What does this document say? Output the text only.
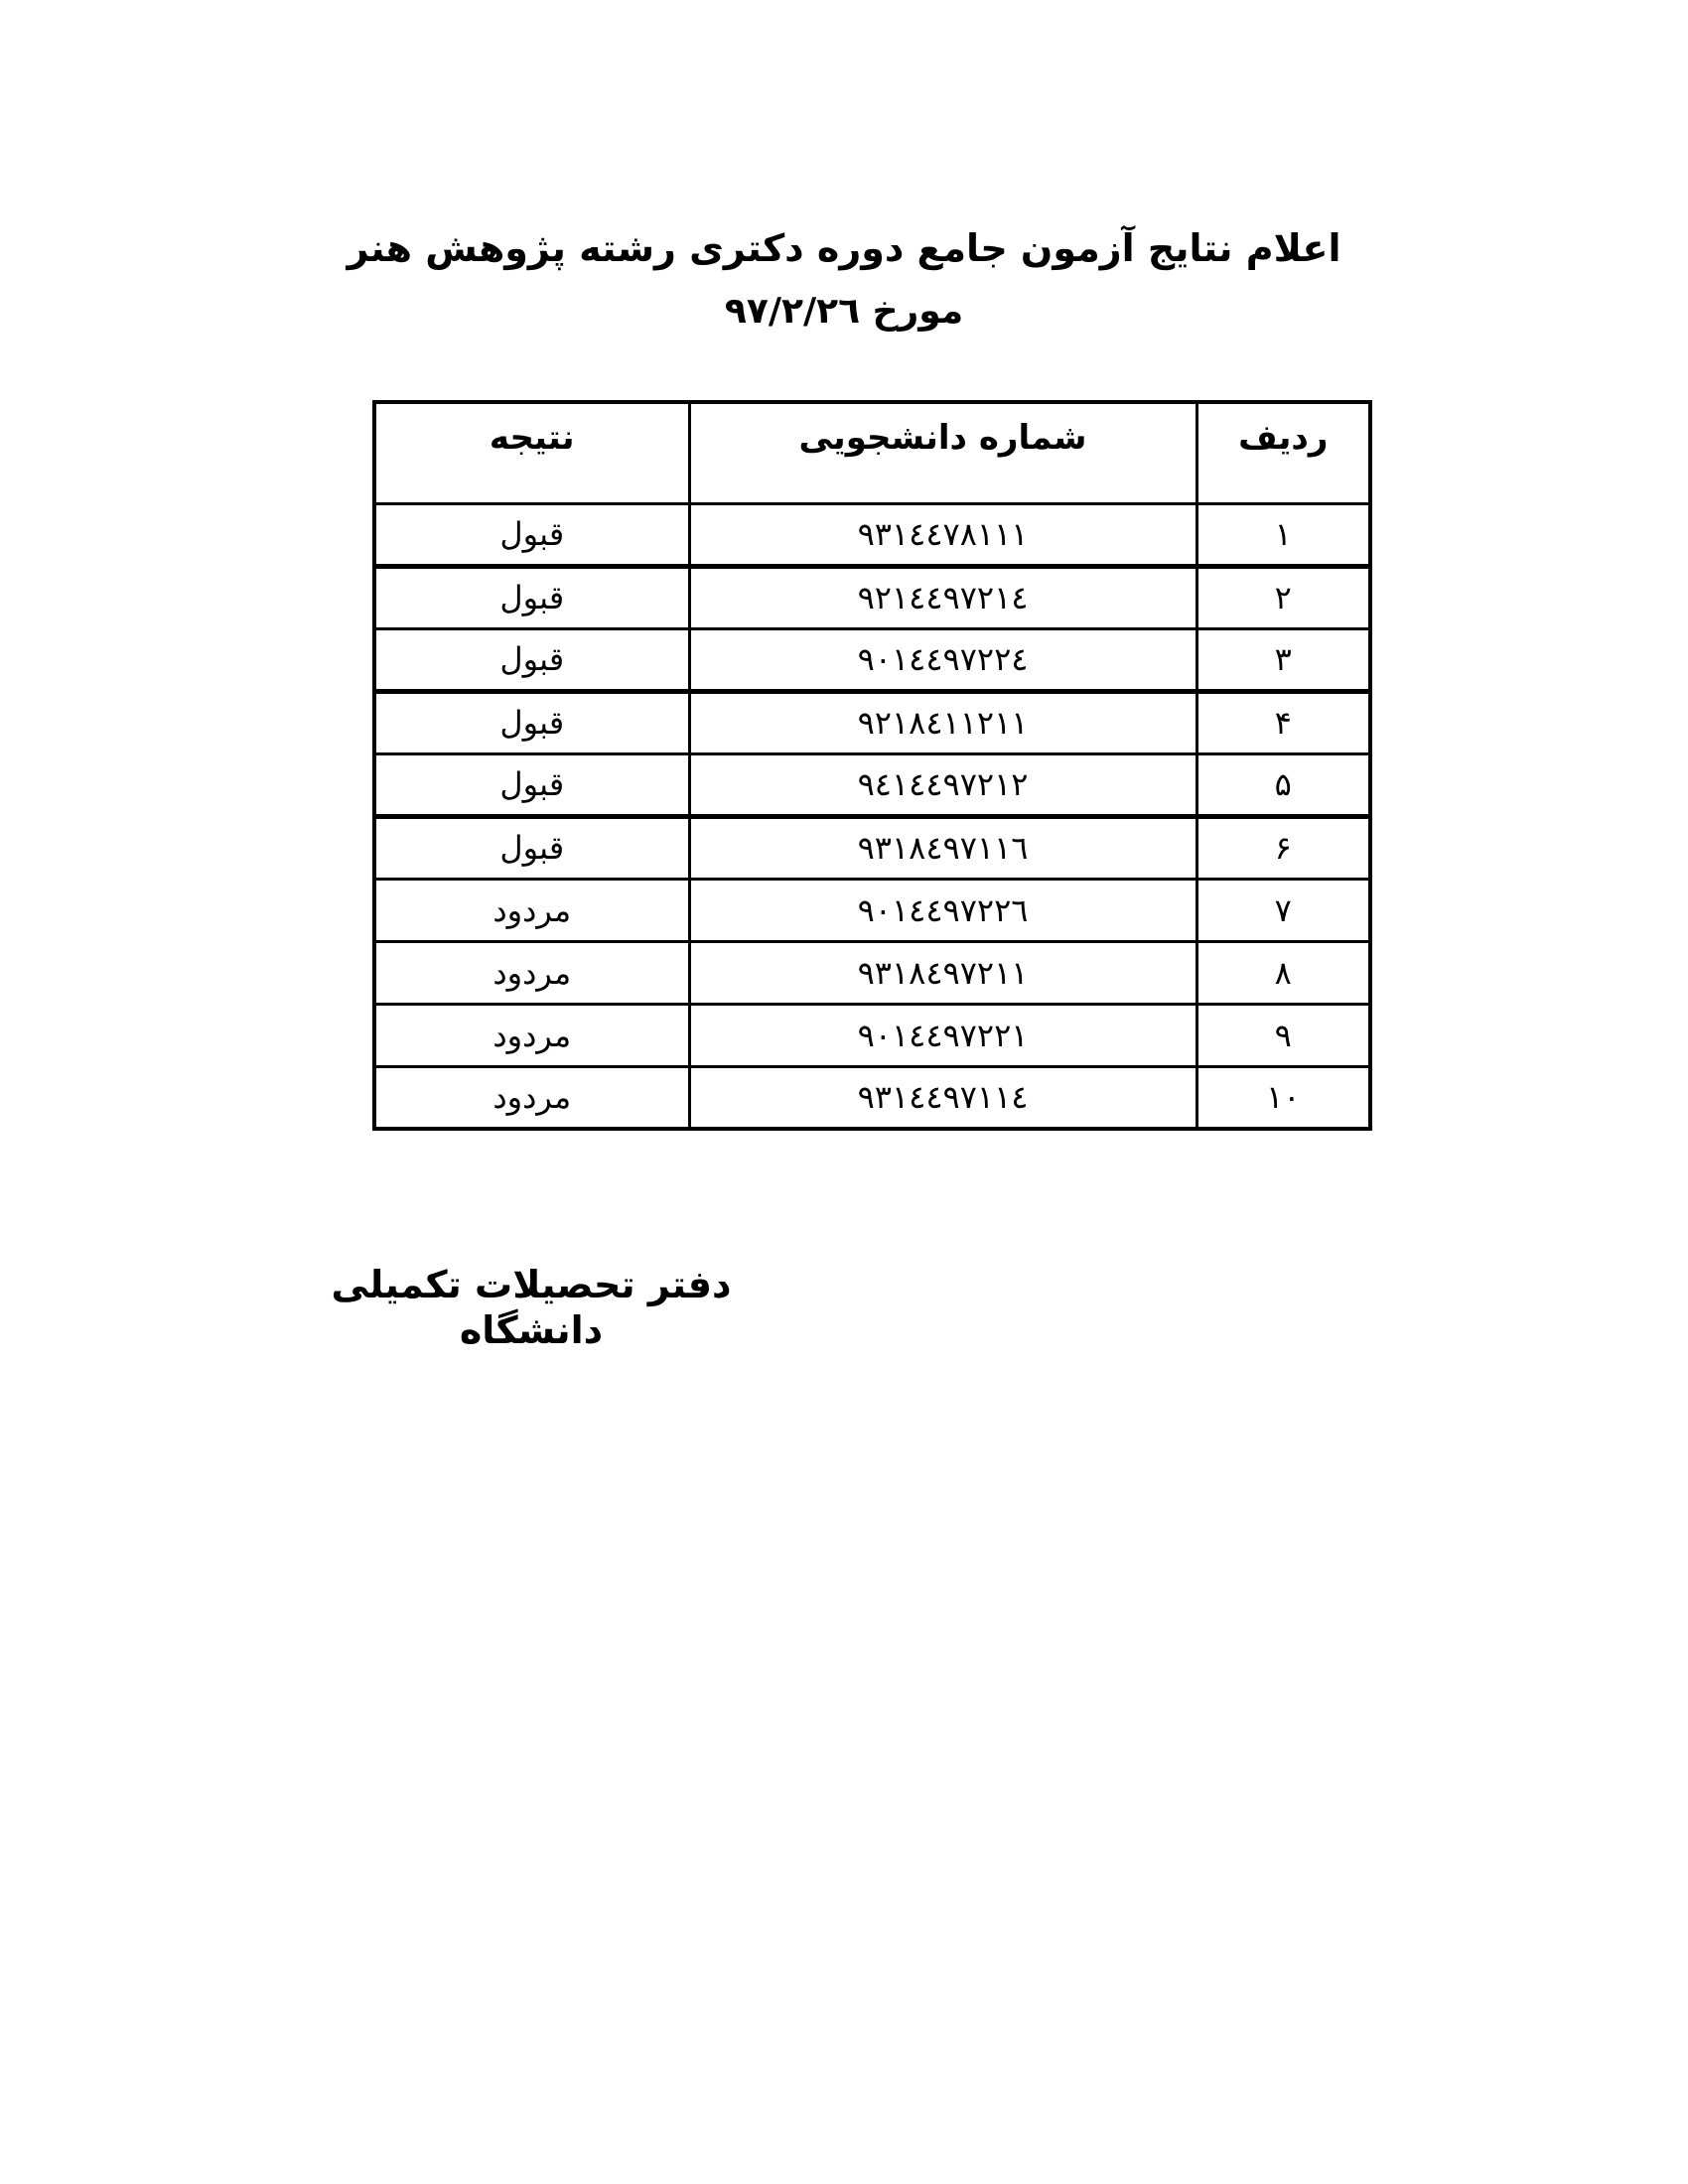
اعلام نتایج آزمون جامع دوره دکتری رشته پژوهش هنر
مورخ ٩٧/٢/٢٦
ردیف	شماره دانشجویی	نتیجه
١	٩٣١٤٤٧٨١١١	قبول
٢	٩٢١٤٤٩٧٢١٤	قبول
٣	٩٠١٤٤٩٧٢٢٤	قبول
۴	٩٢١٨٤١١٢١١	قبول
۵	٩٤١٤٤٩٧٢١٢	قبول
۶	٩٣١٨٤٩٧١١٦	قبول
٧	٩٠١٤٤٩٧٢٢٦	مردود
٨	٩٣١٨٤٩٧٢١١	مردود
٩	٩٠١٤٤٩٧٢٢١	مردود
١٠	٩٣١٤٤٩٧١١٤	مردود
دفتر تحصیلات تکمیلی دانشگاه
